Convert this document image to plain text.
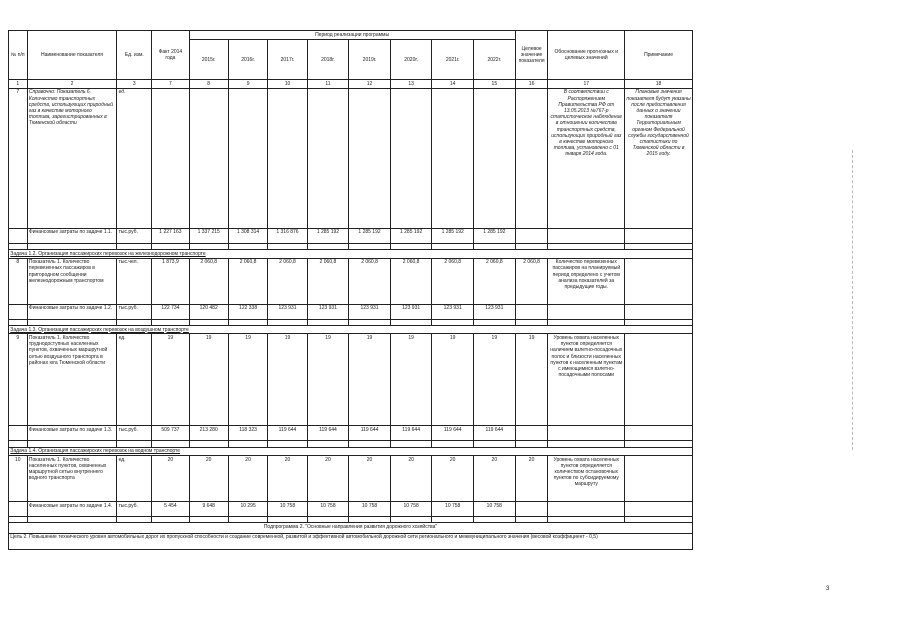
№ п/п	Наименование показателя	Ед. изм.	Факт 2014 года	Период реализации программы								Целевое значение показателя	Обоснование прогнозных и целевых значений	Примечание
				2015г.	2016г.	2017г.	2018г.	2019г.	2020г.	2021г.	2022г.			
1	2	3	7	8	9	10	11	12	13	14	15	16	17	18
7	Справочно: Показатель 6. Количество транспортных средств, использующих природный газ в качестве моторного топлива, зарегистрированных в Тюменской области	ед.											В соответствии с Распоряжением Правительства РФ от 13.05.2013 №767-р статистическое наблюдение в отношении количества транспортных средств, использующих природный газ в качестве моторного топлива, установлено с 01 января 2014 года.	Плановые значения показателя будут указаны после предоставления данных о значении показателя Территориальным органом Федеральной службы государственной статистики по Тюменской области в 2015 году.
	Финансовые затраты по задаче 1.1.	тыс.руб.	1 227 163	1 337 215	1 308 314	1 316 876	1 285 192	1 285 192	1 285 192	1 285 192	1 285 192			

Задача 1.2. Организация пассажирских перевозок на железнодорожном транспорте														
8	Показатель 1. Количество перевезенных пассажиров в пригородном сообщении железнодорожным транспортом	тыс.чел.	1 873,9	2 060,8	2 060,8	2 060,8	2 060,8	2 060,8	2 060,8	2 060,8	2 060,8	2 060,8	Количество перевезенных пассажиров на планируемый период определено с учетом анализа показателей за предыдущие годы.	
	Финансовые затраты по задаче 1.2.	тыс.руб.	122 734	120 482	122 338	123 931	123 931	123 931	123 931	123 931	123 931			

Задача 1.3. Организация пассажирских перевозок на воздушном транспорте														
9	Показатель 1. Количество труднодоступных населенных пунктов, охваченных маршрутной сетью воздушного транспорта в районах юга Тюменской области	ед.	19	19	19	19	19	19	19	19	19	19	Уровень охвата населенных пунктов определяется наличием взлетно-посадочных полос и близости населенных пунктов к населенным пунктам с имеющимися взлетно-посадочными полосами	
	Финансовые затраты по задаче 1.3.	тыс.руб.	509 737	213 280	118 323	119 644	119 644	119 644	119 644	119 644	119 644			

Задача 1.4. Организация пассажирских перевозок на водном транспорте														
10	Показатель 1. Количество населенных пунктов, охваченных маршрутной сетью внутреннего водного транспорта	ед.	20	20	20	20	20	20	20	20	20	20	Уровень охвата населенных пунктов определяется количеством остановочных пунктов по субсидируемому маршруту	
	Финансовые затраты по задаче 1.4.	тыс.руб.	5 454	9 648	10 295	10 758	10 758	10 758	10 758	10 758	10 758			

Подпрограмма 2. "Основные направления развития дорожного хозяйства"														
Цель 2. Повышение технического уровня автомобильных дорог их пропускной способности и создание современной, развитой и эффективной автомобильной дорожной сети регионального и межмуниципального значения (весовой коэффициент - 0,5)														
3
